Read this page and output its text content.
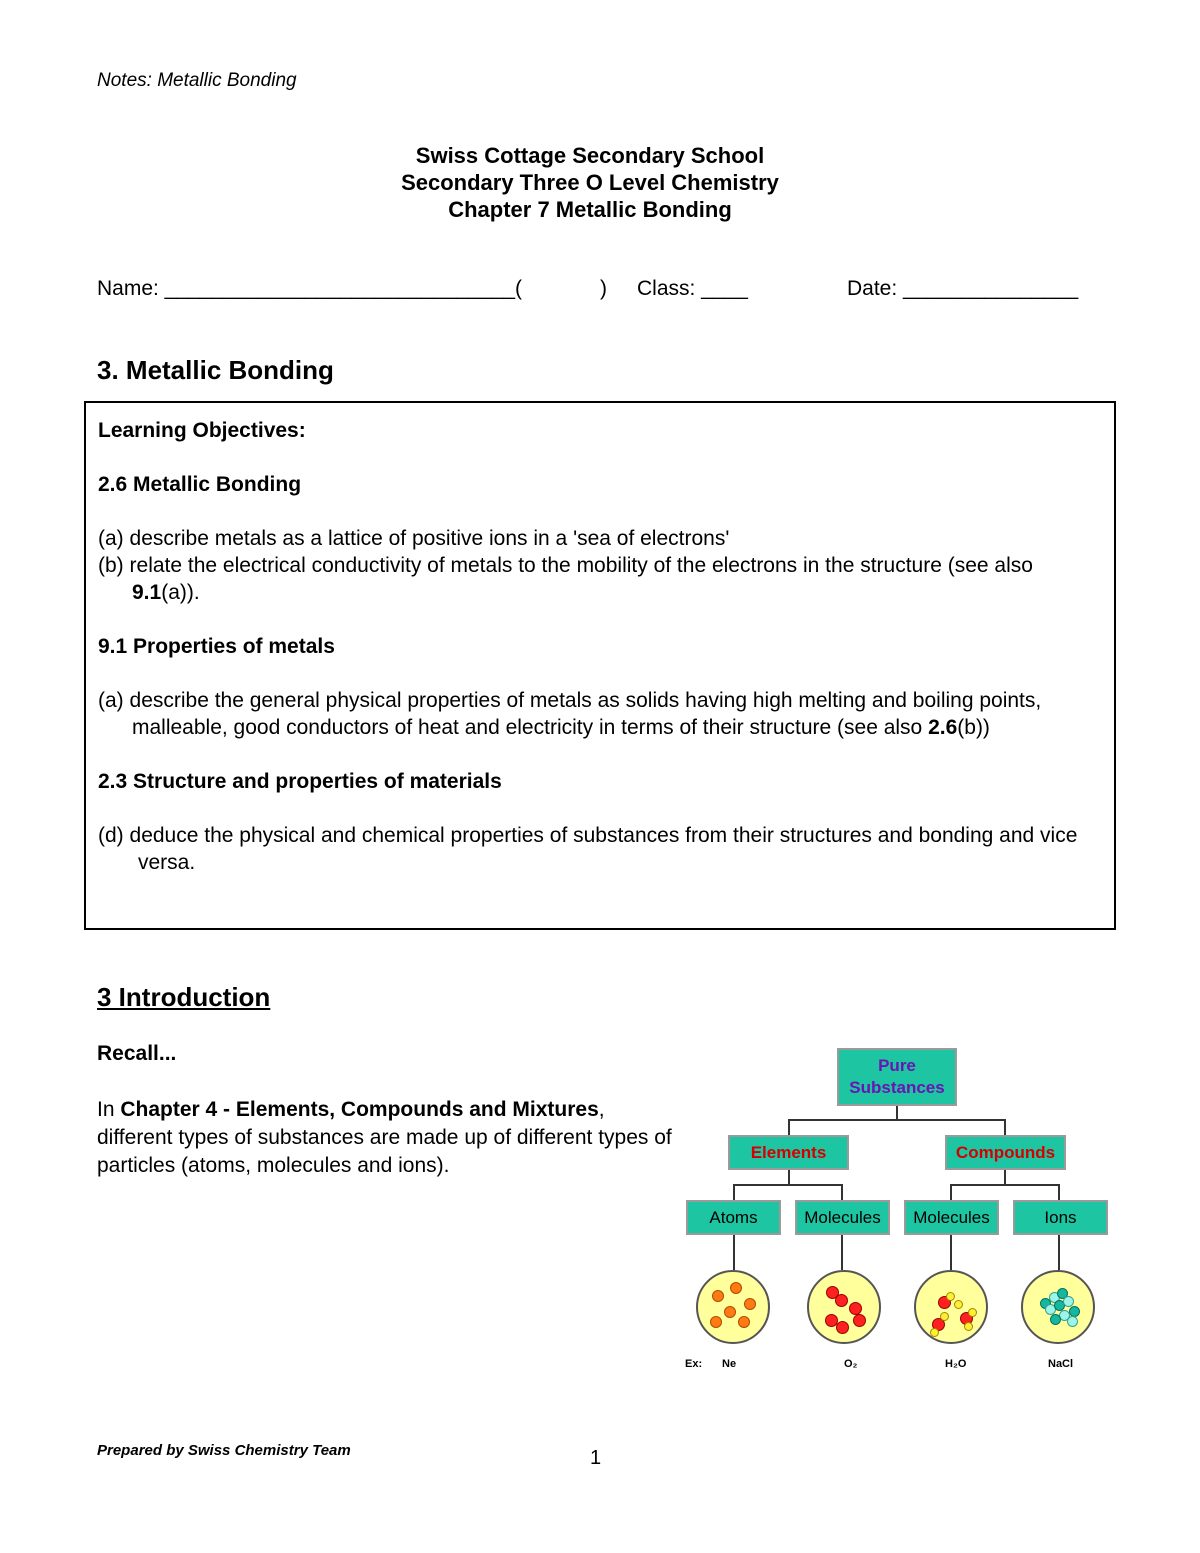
Notes: Metallic Bonding
Swiss Cottage Secondary School
Secondary Three O Level Chemistry
Chapter 7 Metallic Bonding
Name: ______________________________(	) Class: ____	Date: _______________
3. Metallic Bonding
Learning Objectives:
2.6 Metallic Bonding
(a) describe metals as a lattice of positive ions in a 'sea of electrons'
(b) relate the electrical conductivity of metals to the mobility of the electrons in the structure (see also 9.1(a)).
9.1 Properties of metals
(a) describe the general physical properties of metals as solids having high melting and boiling points, malleable, good conductors of heat and electricity in terms of their structure (see also 2.6(b))
2.3 Structure and properties of materials
(d) deduce the physical and chemical properties of substances from their structures and bonding and vice versa.
3 Introduction
Recall...
In Chapter 4 - Elements, Compounds and Mixtures, different types of substances are made up of different types of particles (atoms, molecules and ions).
Pure Substances
Elements	Compounds
Atoms	Molecules	Molecules	Ions
Ex: Ne	O₂	H₂O	NaCl
Prepared by Swiss Chemistry Team	1
